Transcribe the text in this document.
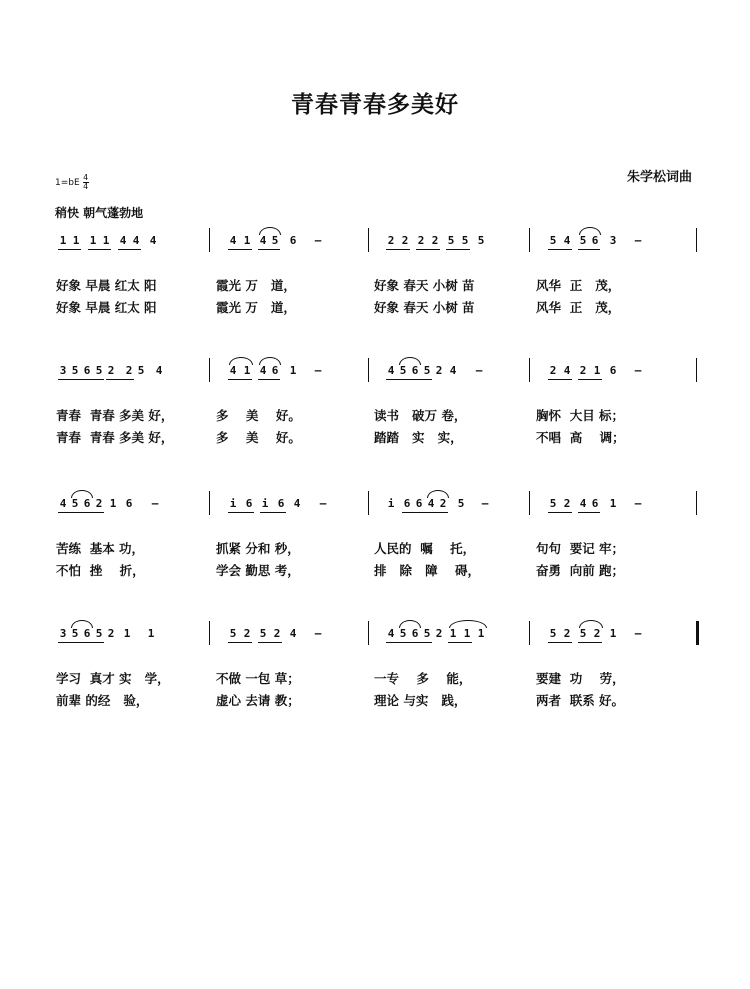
青春青春多美好
朱学松词曲
1= bE $\frac{4}{4}$
稍快 朝气蓬勃地
1 1 1 1 4 4 4	4 1 4 5	6	–	2 2 2 2 5 5 5	5 4 5 6	3	–
好象 早晨 红太 阳	霞光 万   道，	好象 春天 小树 苗	风华  正   茂，
好象 早晨 红太 阳	霞光 万   道，	好象 春天 小树 苗	风华  正   茂，
3 5 6 5 2	2 5	4	4 1 4 6	1	–	4 5 6 5 2 4	–	2 4 2 1 6	–
青春  青春 多美 好，	多    美    好。	读书   破万 卷，	胸怀  大目 标；
青春  青春 多美 好，	多    美    好。	踏踏   实   实，	不唱  高    调；
4 5 6 2 1 6	–	i 6 i 6 4	–	i 6 6 4 2	5	–	5 2 4 6	1	–
苦练  基本 功，	抓紧 分和 秒，	人民的  嘱    托，	句句  要记 牢；
不怕  挫    折，	学会 勤思 考，	排   除   障    碍，	奋勇  向前 跑；
3 5 6 5 2 1	1	5 2 5 2 4	–	4 5 6 5 2 1 1 1	5 2 5 2 1	–
学习  真才 实   学，	不做 一包 草；	一专    多    能，	要建  功    劳，
前辈 的经   验，	虚心 去请 教；	理论 与实   践，	两者  联系 好。
